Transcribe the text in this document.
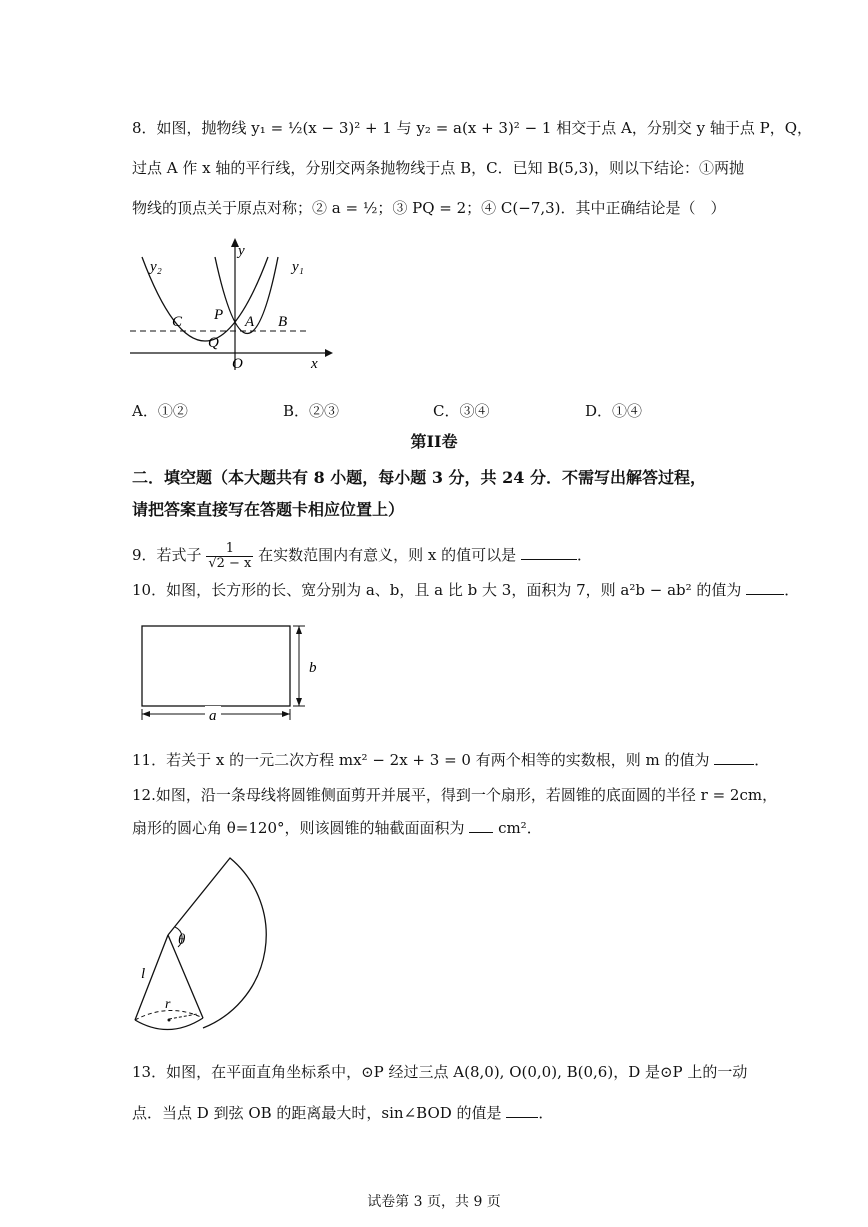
8．如图，抛物线 y₁ = ½(x − 3)² + 1 与 y₂ = a(x + 3)² − 1 相交于点 A，分别交 y 轴于点 P，Q，
过点 A 作 x 轴的平行线，分别交两条抛物线于点 B，C．已知 B(5,3)，则以下结论：①两抛
物线的顶点关于原点对称；② a = ½；③ PQ = 2；④ C(−7,3)．其中正确结论是（　）
y₂	y₁
y
x
O
P
Q
A B
C
A．①②	B．②③	C．③④	D．①④
第II卷
二．填空题（本大题共有 8 小题，每小题 3 分，共 24 分．不需写出解答过程，
请把答案直接写在答题卡相应位置上）
9．若式子 $\frac{1}{√2 - x}$ 在实数范围内有意义，则 x 的值可以是	．
10．如图，长方形的长、宽分别为 a、b，且 a 比 b 大 3，面积为 7，则 a²b − ab² 的值为	．
b
a
11．若关于 x 的一元二次方程 mx² − 2x + 3 = 0 有两个相等的实数根，则 m 的值为	．
12.如图，沿一条母线将圆锥侧面剪开并展平，得到一个扇形，若圆锥的底面圆的半径 r = 2cm，
扇形的圆心角 θ=120°，则该圆锥的轴截面面积为 cm²．
θ
l
r
13．如图，在平面直角坐标系中，⊙P 经过三点 A(8,0), O(0,0), B(0,6)，D 是⊙P 上的一动
点．当点 D 到弦 OB 的距离最大时，sin∠BOD 的值是 ．
试卷第 3 页，共 9 页
